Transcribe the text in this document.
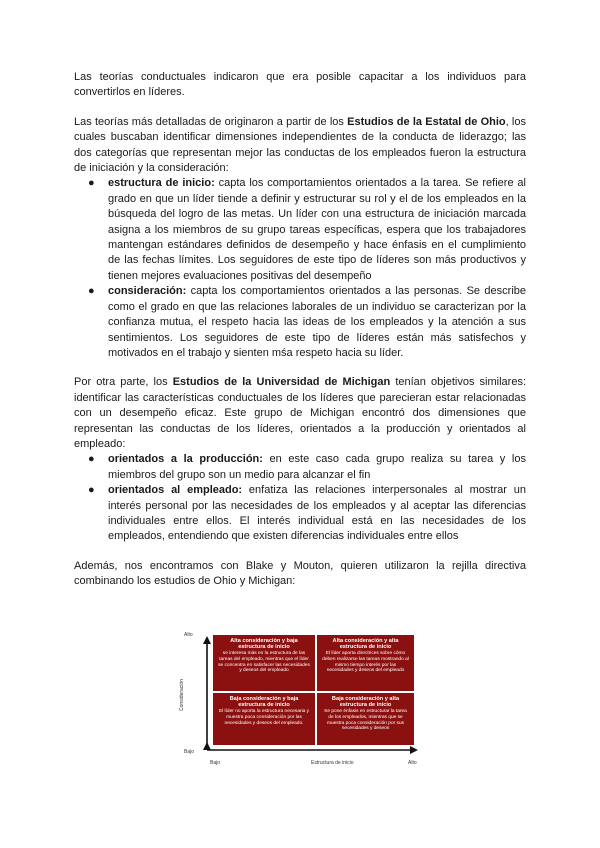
Las teorías conductuales indicaron que era posible capacitar a los individuos para convertirlos en líderes.

Las teorías más detalladas de originaron a partir de los Estudios de la Estatal de Ohio, los cuales buscaban identificar dimensiones independientes de la conducta de liderazgo; las dos categorías que representan mejor las conductas de los empleados fueron la estructura de iniciación y la consideración:

● estructura de inicio: capta los comportamientos orientados a la tarea. Se refiere al grado en que un líder tiende a definir y estructurar su rol y el de los empleados en la búsqueda del logro de las metas. Un líder con una estructura de iniciación marcada asigna a los miembros de su grupo tareas específicas, espera que los trabajadores mantengan estándares definidos de desempeño y hace énfasis en el cumplimiento de las fechas límites. Los seguidores de este tipo de líderes son más productivos y tienen mejores evaluaciones positivas del desempeño
● consideración: capta los comportamientos orientados a las personas. Se describe como el grado en que las relaciones laborales de un individuo se caracterizan por la confianza mutua, el respeto hacia las ideas de los empleados y la atención a sus sentimientos. Los seguidores de este tipo de líderes están más satisfechos y motivados en el trabajo y sienten mśa respeto hacia su líder.

Por otra parte, los Estudios de la Universidad de Michigan tenían objetivos similares: identificar las características conductuales de los líderes que parecieran estar relacionadas con un desempeño eficaz. Este grupo de Michigan encontró dos dimensiones que representan las conductas de los líderes, orientados a la producción y orientados al empleado:

● orientados a la producción: en este caso cada grupo realiza su tarea y los miembros del grupo son un medio para alcanzar el fin
● orientados al empleado: enfatiza las relaciones interpersonales al mostrar un interés personal por las necesidades de los empleados y al aceptar las diferencias individuales entre ellos. El interés individual está en las necesidades de los empleados, entendiendo que existen diferencias individuales entre ellos

Además, nos encontramos con Blake y Mouton, quieren utilizaron la rejilla directiva combinando los estudios de Ohio y Michigan:

Alto
Bajo
Consideración
Bajo	Estructura de inicio	Alto
Alta consideración y baja estructura de inicio
se interesa más en la estructura de las tareas del empleado, mientras que el líder se concentra en satisfacer las necesidades y deseos del empleado
Alta consideración y alta estructura de inicio
El líder aporta directrices sobre cómo deben realizarse las tareas mostrando al mismo tiempo interés por las necesidades y deseos del empleado
Baja consideración y baja estructura de inicio
El líder no aporta la estructura necesaria y muestra poca consideración por las necesidades y deseos del empleado.
Baja consideración y alta estructura de inicio
Se pone énfasis en estructurar la tarea de los empleados, mientras que se muestra poca consideración por sus necesidades y deseos
